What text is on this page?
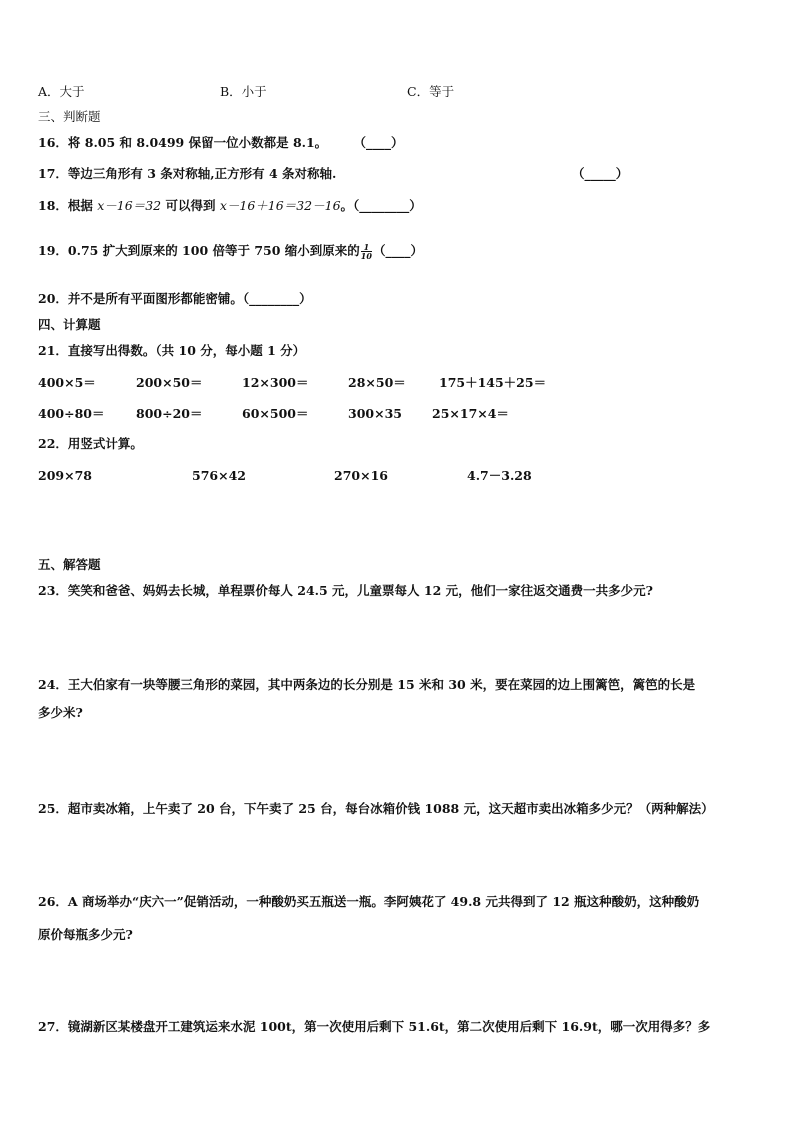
A．大于	B．小于	C．等于
三、判断题
16．将 8.05 和 8.0499 保留一位小数都是 8.1。 （____）
17．等边三角形有 3 条对称轴,正方形有 4 条对称轴.	（_____）
18．根据 x－16＝32 可以得到 x－16＋16＝32－16。（________）
19．0.75 扩大到原来的 100 倍等于 750 缩小到原来的 $\frac{1}{10}$ （____）
20．并不是所有平面图形都能密铺。（________）
四、计算题
21．直接写出得数。（共 10 分，每小题 1 分）
400×5＝	200×50＝	12×300＝	28×50＝	175＋145＋25＝
400÷80＝	800÷20＝	60×500＝	300×35 25×17×4＝
22．用竖式计算。
209×78	576×42	270×16	4.7－3.28
五、解答题
23．笑笑和爸爸、妈妈去长城，单程票价每人 24.5 元，儿童票每人 12 元，他们一家往返交通费一共多少元?
24．王大伯家有一块等腰三角形的菜园，其中两条边的长分别是 15 米和 30 米，要在菜园的边上围篱笆，篱笆的长是
多少米?
25．超市卖冰箱，上午卖了 20 台，下午卖了 25 台，每台冰箱价钱 1088 元，这天超市卖出冰箱多少元？（两种解法）
26．A 商场举办“庆六一”促销活动，一种酸奶买五瓶送一瓶。李阿姨花了 49.8 元共得到了 12 瓶这种酸奶，这种酸奶
原价每瓶多少元?
27．镜湖新区某楼盘开工建筑运来水泥 100t，第一次使用后剩下 51.6t，第二次使用后剩下 16.9t，哪一次用得多？多
